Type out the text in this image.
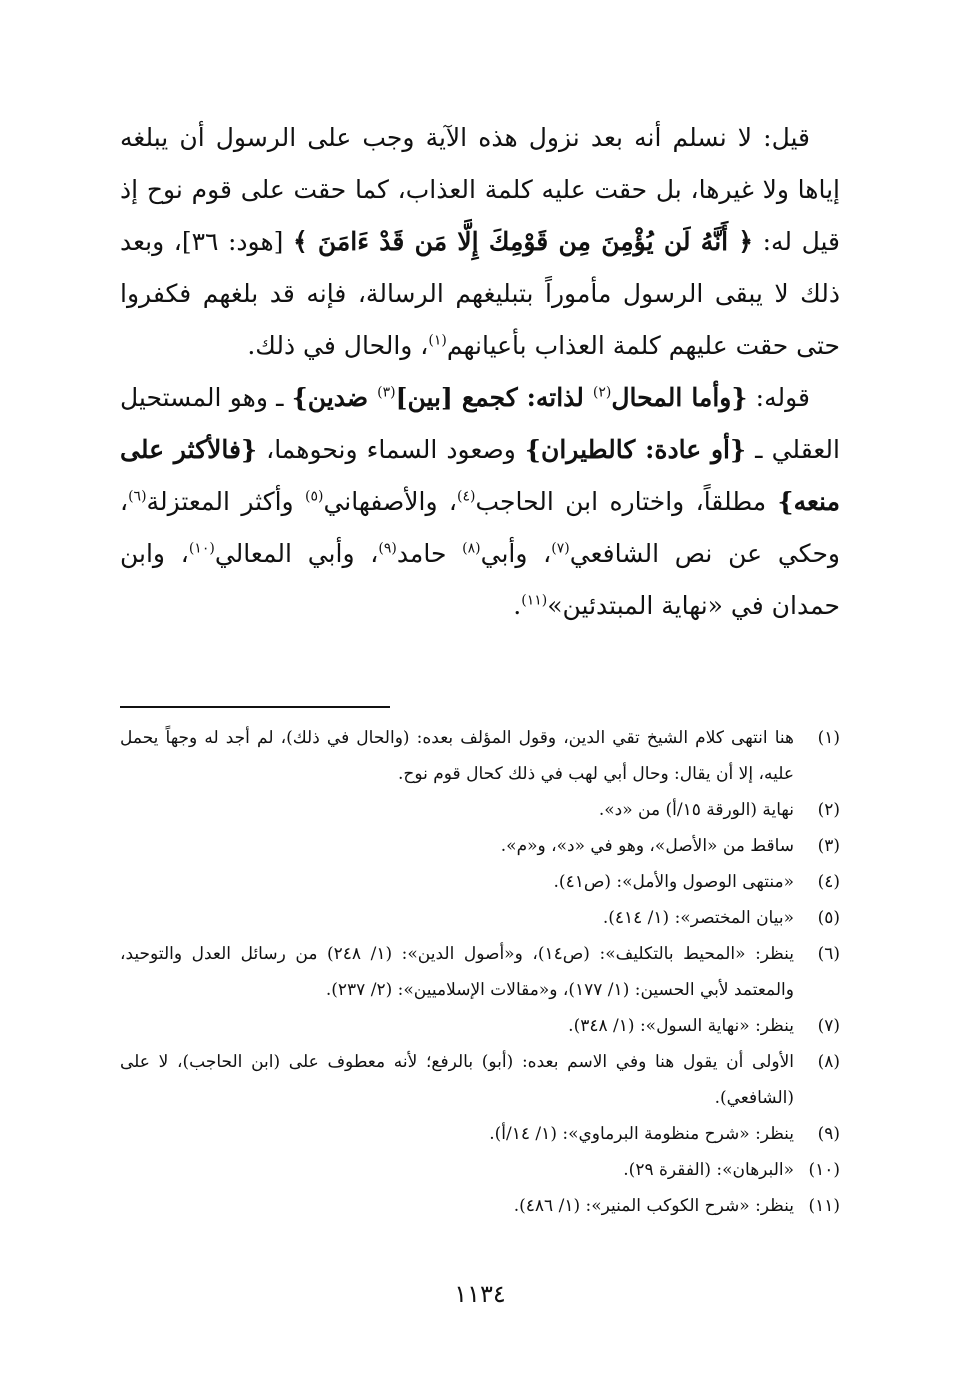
قيل: لا نسلم أنه بعد نزول هذه الآية وجب على الرسول أن يبلغه إياها ولا غيرها، بل حقت عليه كلمة العذاب، كما حقت على قوم نوح إذ قيل له: ﴿ أَنَّهُ لَن يُؤْمِنَ مِن قَوْمِكَ إِلَّا مَن قَدْ ءَامَنَ ﴾ [هود: ٣٦]، وبعد ذلك لا يبقى الرسول مأموراً بتبليغهم الرسالة، فإنه قد بلغهم فكفروا حتى حقت عليهم كلمة العذاب بأعيانهم$^{(١)}$، والحال في ذلك.

قوله: {وأما المحال$^{(٢)}$ لذاته: كجمع [بين]$^{(٣)}$ ضدين} ـ وهو المستحيل العقلي ـ {أو عادة: كالطيران} وصعود السماء ونحوهما، {فالأكثر على منعه} مطلقاً، واختاره ابن الحاجب$^{(٤)}$، والأصفهاني$^{(٥)}$ وأكثر المعتزلة$^{(٦)}$، وحكي عن نص الشافعي$^{(٧)}$، وأبي$^{(٨)}$ حامد$^{(٩)}$، وأبي المعالي$^{(١٠)}$، وابن حمدان في «نهاية المبتدئين»$^{(١١)}$.

(١)
هنا انتهى كلام الشيخ تقي الدين، وقول المؤلف بعده: (والحال في ذلك)، لم أجد له وجهاً يحمل عليه، إلا أن يقال: وحال أبي لهب في ذلك كحال قوم نوح.
(٢)
نهاية (الورقة ١٥/أ) من «د».
(٣)
ساقط من «الأصل»، وهو في «د»، و«م».
(٤)
«منتهى الوصول والأمل»: (ص٤١).
(٥)
«بيان المختصر»: (١/ ٤١٤).
(٦)
ينظر: «المحيط بالتكليف»: (ص١٤)، و«أصول الدين»: (١/ ٢٤٨) من رسائل العدل والتوحيد، والمعتمد لأبي الحسين: (١/ ١٧٧)، و«مقالات الإسلاميين»: (٢/ ٢٣٧).
(٧)
ينظر: «نهاية السول»: (١/ ٣٤٨).
(٨)
الأولى أن يقول هنا وفي الاسم بعده: (أبو) بالرفع؛ لأنه معطوف على (ابن الحاجب)، لا على (الشافعي).
(٩)
ينظر: «شرح منظومة البرماوي»: (١/ ١٤/أ).
(١٠)
«البرهان»: (الفقرة ٢٩).
(١١)
ينظر: «شرح الكوكب المنير»: (١/ ٤٨٦).
١١٣٤
